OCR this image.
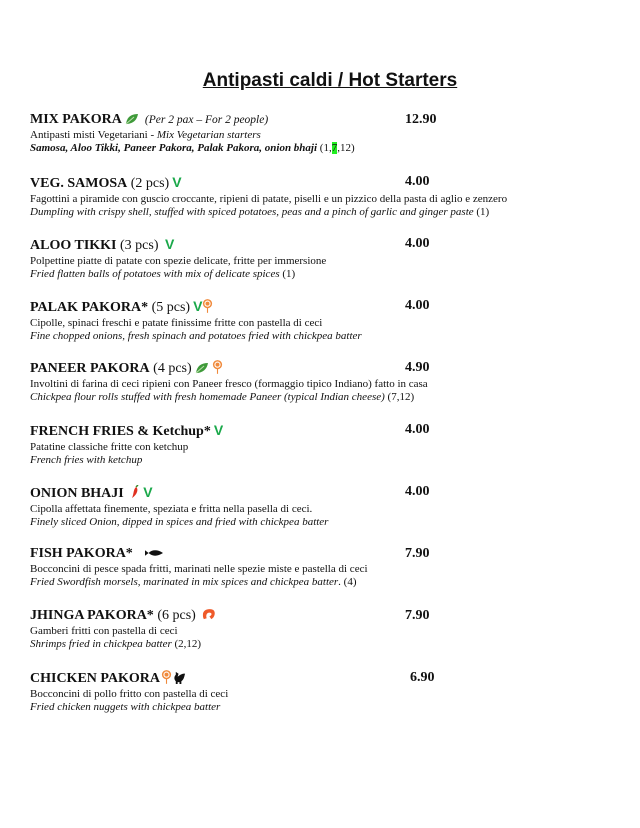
Antipasti caldi / Hot Starters
MIX PAKORA (Per 2 pax – For 2 people)	12.90
Antipasti misti Vegetariani - Mix Vegetarian starters
Samosa, Aloo Tikki, Paneer Pakora, Palak Pakora, onion bhaji (1,7,12)
VEG. SAMOSA (2 pcs) V	4.00
Fagottini a piramide con guscio croccante, ripieni di patate, piselli e un pizzico della pasta di aglio e zenzero
Dumpling with crispy shell, stuffed with spiced potatoes, peas and a pinch of garlic and ginger paste (1)
ALOO TIKKI (3 pcs) V	4.00
Polpettine piatte di patate con spezie delicate, fritte per immersione
Fried flatten balls of potatoes with mix of delicate spices (1)
PALAK PAKORA* (5 pcs) V	4.00
Cipolle, spinaci freschi e patate finissime fritte con pastella di ceci
Fine chopped onions, fresh spinach and potatoes fried with chickpea batter
PANEER PAKORA (4 pcs)	4.90
Involtini di farina di ceci ripieni con Paneer fresco (formaggio tipico Indiano) fatto in casa
Chickpea flour rolls stuffed with fresh homemade Paneer (typical Indian cheese) (7,12)
FRENCH FRIES & Ketchup* V	4.00
Patatine classiche fritte con ketchup
French fries with ketchup
ONION BHAJI V	4.00
Cipolla affettata finemente, speziata e fritta nella pasella di ceci.
Finely sliced Onion, dipped in spices and fried with chickpea batter
FISH PAKORA*	7.90
Bocconcini di pesce spada fritti, marinati nelle spezie miste e pastella di ceci
Fried Swordfish morsels, marinated in mix spices and chickpea batter. (4)
JHINGA PAKORA* (6 pcs)	7.90
Gamberi fritti con pastella di ceci
Shrimps fried in chickpea batter (2,12)
CHICKEN PAKORA	6.90
Bocconcini di pollo fritto con pastella di ceci
Fried chicken nuggets with chickpea batter
